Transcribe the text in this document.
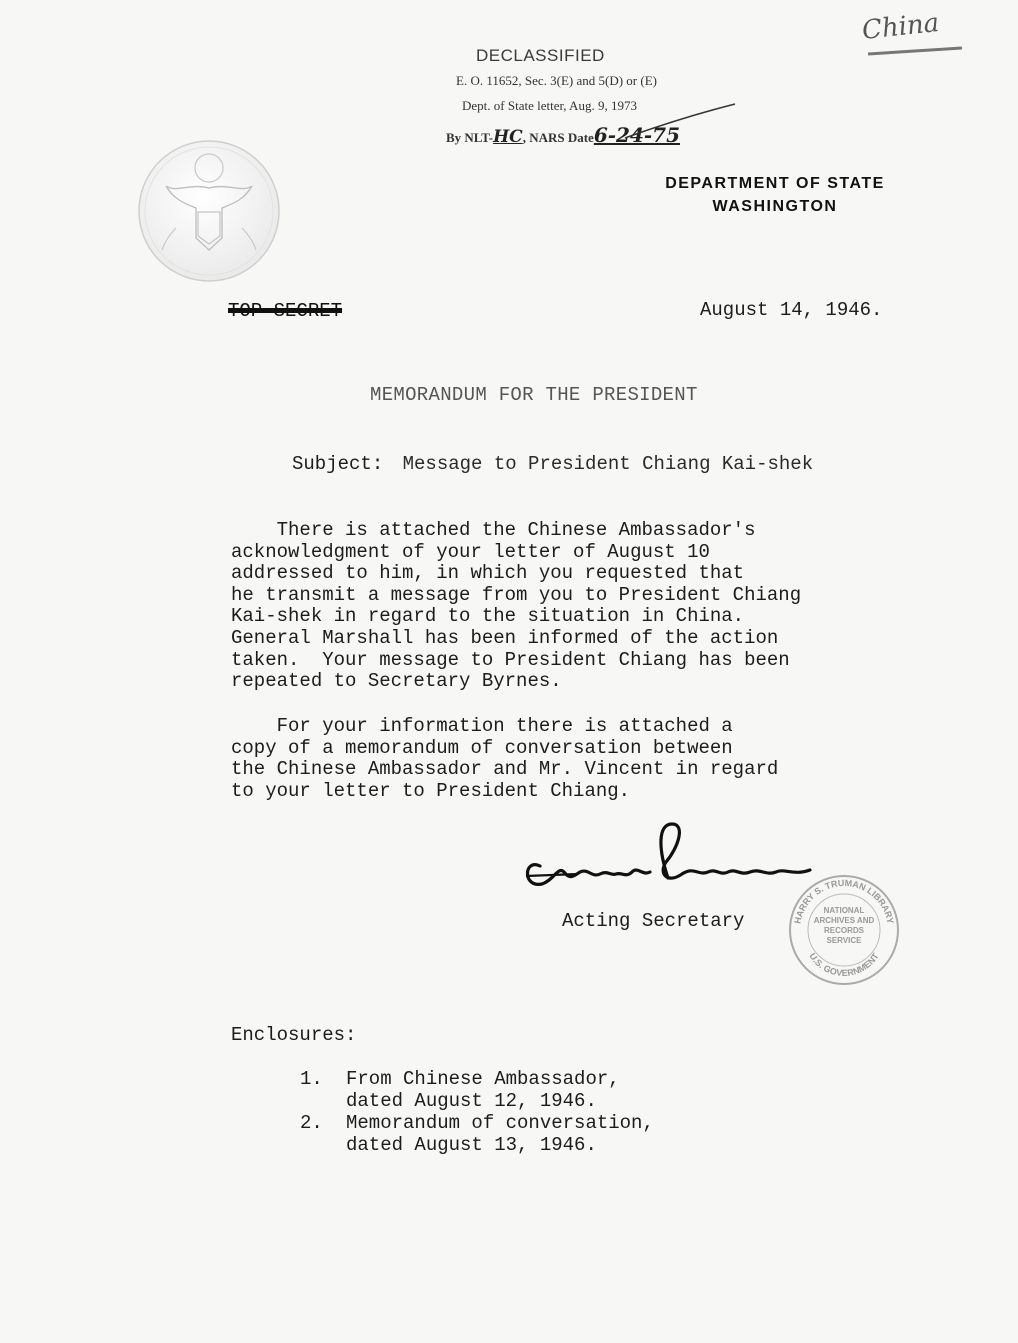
DECLASSIFIED
E. O. 11652, Sec. 3(E) and 5(D) or (E)
Dept. of State letter, Aug. 9, 1973
By NLT-HC, NARS Date6-24-75
China
DEPARTMENT OF STATE
WASHINGTON
TOP SECRET	August 14, 1946.
MEMORANDUM FOR THE PRESIDENT
Subject: Message to President Chiang Kai-shek
There is attached the Chinese Ambassador's
acknowledgment of your letter of August 10
addressed to him, in which you requested that
he transmit a message from you to President Chiang
Kai-shek in regard to the situation in China.
General Marshall has been informed of the action
taken.  Your message to President Chiang has been
repeated to Secretary Byrnes.
For your information there is attached a
copy of a memorandum of conversation between
the Chinese Ambassador and Mr. Vincent in regard
to your letter to President Chiang.
Acting Secretary	HARRY S. TRUMAN LIBRARY
U.S. GOVERNMENT
NATIONAL ARCHIVES AND RECORDS SERVICE
Enclosures:
1. From Chinese Ambassador,
dated August 12, 1946.
2. Memorandum of conversation,
dated August 13, 1946.
